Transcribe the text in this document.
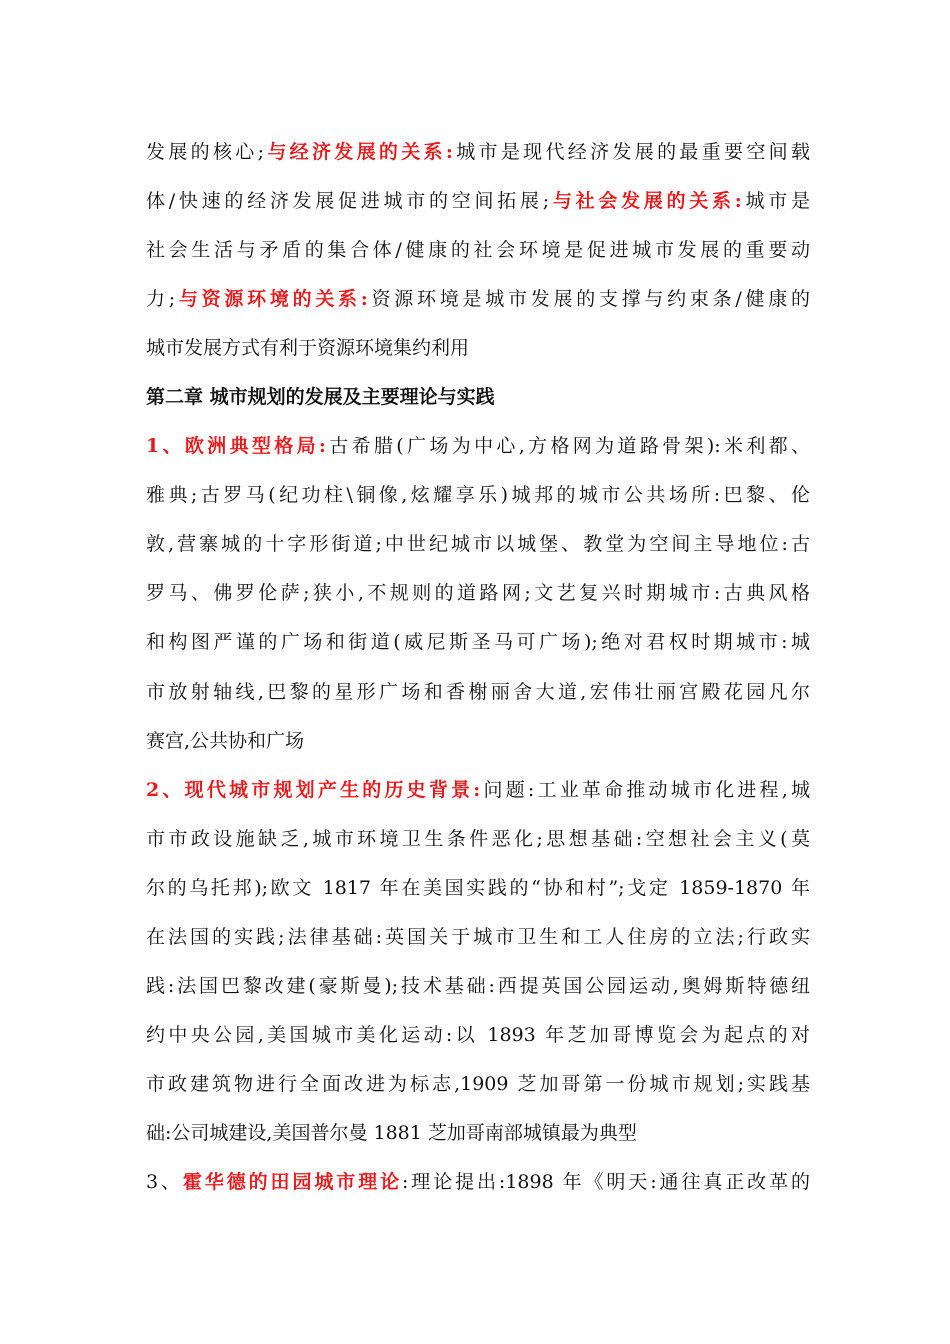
发展的核心;与经济发展的关系:城市是现代经济发展的最重要空间载
体/快速的经济发展促进城市的空间拓展;与社会发展的关系:城市是
社会生活与矛盾的集合体/健康的社会环境是促进城市发展的重要动
力;与资源环境的关系:资源环境是城市发展的支撑与约束条/健康的
城市发展方式有利于资源环境集约利用
第二章 城市规划的发展及主要理论与实践
1、欧洲典型格局:古希腊(广场为中心,方格网为道路骨架):米利都、
雅典;古罗马(纪功柱\铜像,炫耀享乐)城邦的城市公共场所:巴黎、伦
敦,营寨城的十字形街道;中世纪城市以城堡、教堂为空间主导地位:古
罗马、佛罗伦萨;狭小,不规则的道路网;文艺复兴时期城市:古典风格
和构图严谨的广场和街道(威尼斯圣马可广场);绝对君权时期城市:城
市放射轴线,巴黎的星形广场和香榭丽舍大道,宏伟壮丽宫殿花园凡尔
赛宫,公共协和广场
2、现代城市规划产生的历史背景:问题:工业革命推动城市化进程,城
市市政设施缺乏,城市环境卫生条件恶化;思想基础:空想社会主义(莫
尔的乌托邦);欧文 1817 年在美国实践的“协和村”;戈定 1859-1870 年
在法国的实践;法律基础:英国关于城市卫生和工人住房的立法;行政实
践:法国巴黎改建(豪斯曼);技术基础:西提英国公园运动,奥姆斯特德纽
约中央公园,美国城市美化运动:以 1893 年芝加哥博览会为起点的对
市政建筑物进行全面改进为标志,1909 芝加哥第一份城市规划;实践基
础:公司城建设,美国普尔曼 1881 芝加哥南部城镇最为典型
3、霍华德的田园城市理论:理论提出:1898 年《明天:通往真正改革的
